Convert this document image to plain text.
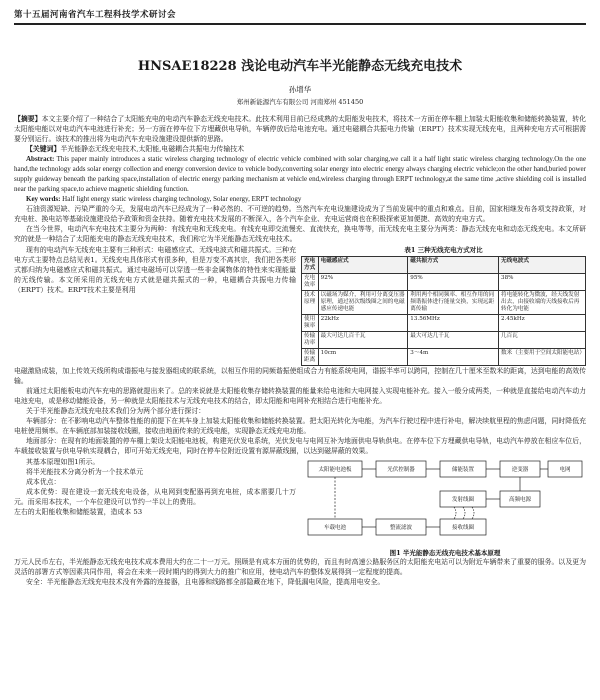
第十五届河南省汽车工程科技学术研讨会
HNSAE18228 浅论电动汽车半光能静态无线充电技术
孙增华
郑州新能源汽车有限公司 河南郑州 451450

【摘要】本文主要介绍了一种结合了太阳能充电的电动汽车静态无线充电技术。此技术利用目前已经成熟的太阳能发电技术，将技术一方面在停车棚上加装太阳能收集和储能转换装置，转化太阳能电能以对电动汽车电池进行补充；另一方面在停车位下方埋藏供电导轨，车辆停放后给电池充电。通过电磁耦合共振电力传输（ERPT）技术实现无线充电，且两种充电方式可根据需要分别运行。该技术的推出将为电动汽车充电设施建设提供新的思路。

【关键词】半光能静态无线充电技术,太阳能,电磁耦合共振电力传输技术

Abstract: This paper mainly introduces a static wireless charging technology of electric vehicle combined with solar charging,we call it a half light static wireless charging technology.On the one hand,the technology adds solar energy collection and energy conversion device to vehicle body,converting solar energy into electric energy always charging electric vehicle;on the other hand,buried power supply guideway beneath the parking space,installation of electric energy parking mechanism at vehicle end,wireless charging through ERPT technology,at the same time ,active shielding coil is installed near the parking space,to achieve magnetic shielding function.

Key words: Half light energy static wireless charging technology, Solar energy, ERPT technology

石油资源短缺、污染严重的今天，发展电动汽车已经成为了一种必然的、不可逆的趋势。当然汽车充电设施建设成为了当前发展中的重点和难点。目前，国家相继发布各项支持政策，对充电桩、换电站等基础设施建设给予政策和资金扶持。随着充电技术发展的不断深入，各个汽车企业、充电运营商也在积极探索更加便捷、高效的充电方式。

在当今世界，电动汽车充电技术主要分为两种：有线充电和无线充电。有线充电即交流慢充、直流快充，换电等等，而无线充电主要分为两类：静态无线充电和动态无线充电。本文所研究的就是一种结合了太阳能充电的静态无线充电技术，我们称它为半光能静态无线充电技术。

现有的电动汽车无线充电主要有三种形式：电磁感应式、无线电波式和磁共振式。三种充电方式主要特点总结见表1。无线充电具体形式有很多种，但是万变不离其宗，我们把各类形式都归纳为电磁感应式和磁共振式。通过电磁场可以穿透一些非金属物体的特性来实现能量的无线传输。本文所采用的无线充电方式就是磁共振式的一种，电磁耦合共振电力传输（ERPT）技术。ERPT技术主要是利用

表1 三种无线充电方式对比
充电方式	电磁感应式	磁共振方式	无线电波式
充电效率	92%	95%	38%
技术原理	以磁场为媒介，利用可分离变压器原理，通过初次级线圈之间的电磁感应传递电能	利用两个相同频率、相互作用的同频谐振体进行能量交换，实现远距离传输	将电能转化为微波，经天线发射出去，由接收端的天线接收后再转化为电能
使用频率	22kHz	13.56MHz	2.45kHz
传输功率	最大可达几百千瓦	最大可达几千瓦	几百瓦
传输距离	10cm	3～4m	数米（主要用于空间太阳能电站）

电磁激励成装，加上传效天线所构成谐振电与接发器组成的联系统，以相互作用的同频谐振使组成合力有能系统电网，谐振半率可以跨同，控制在几十厘米至数米的距离，达到电能的高效传输。

前通过太阳能板电动汽车充电的思路就提出来了。总的来说就是太阳能收集存储转换装置的能量来给电池和大电网接入实现电能补充。接入一般分成两类，一种就是直接给电动汽车动力电池充电，或是移动储能设备，另一种就是太阳能技术与无线充电技术的结合，即太阳能和电网补充相结合进行电能补充。

关于半光能静态无线充电技术我们分为两个部分进行探讨：

车辆部分：在不影响电动汽车整体性能的前提下在其车身上加装太阳能收集和储能转换装置。把太阳光转化为电能，为汽车行驶过程中进行补电，解决续航里程的焦虑问题，同时降低充电桩使用频率。在车辆底部加装接收线圈，接收由地面传来的无线电能，实现静态无线充电功能。

地面部分：在现有的地面装置的停车棚上架设太阳能电池板，构建光伏发电系统，光伏发电与电网互补为地面供电导轨供电。在停车位下方埋藏供电导轨，电动汽车停放在相应车位后，车载接收装置与供电导轨实现耦合，即可开始无线充电，同时在停车位附近设置有源屏蔽线圈，以达到磁屏蔽的效果。

其基本原理如图1所示。

将半光能技术分离分析为一个技术单元

成本优点：

成本优势：现在建设一套无线充电设备，从电网到变配器再到充电桩，成本需要几十万元。而采用本技术，一个车位建设可以节约一半以上的费用。

左右的太阳能收集和储能装置，造成本 53

太阳能电池板	光伏控制器	储能装置	逆变器	电网
高频电源
发射线圈
接收线圈
整流滤波
车载电池
图1 半光能静态无线充电技术基本原理

万元人民币左右，半光能静态无线充电技术成本费用大约在二十一万元。照顾是有成本方面的优势的，而且有时高速公路服务区的太阳能充电站可以为附近车辆带来了重要的服务。以及更为灵活的部署方式等因素共同作用，将会在未来一段时期内的得到大力的推广和应用，使电动汽车的整体发展得到一定程度的提高。

安全：半光能静态无线充电技术没有外露的连接器，且电器和线路都全部隐藏在地下，降低漏电风险，提高用电安全。
